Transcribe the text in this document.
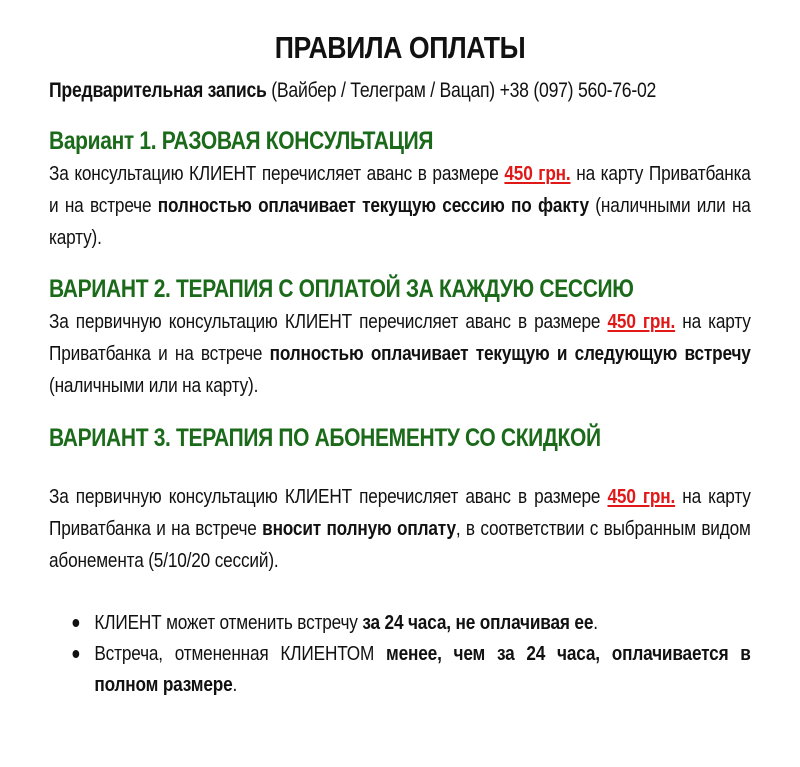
ПРАВИЛА ОПЛАТЫ
Предварительная запись (Вайбер / Телеграм / Вацап) +38 (097) 560-76-02
Вариант 1. РАЗОВАЯ КОНСУЛЬТАЦИЯ
За консультацию КЛИЕНТ перечисляет аванс в размере 450 грн. на карту Приватбанка и на встрече полностью оплачивает текущую сессию по факту (наличными или на карту).
ВАРИАНТ 2. ТЕРАПИЯ С ОПЛАТОЙ ЗА КАЖДУЮ СЕССИЮ
За первичную консультацию КЛИЕНТ перечисляет аванс в размере 450 грн. на карту Приватбанка и на встрече полностью оплачивает текущую и следующую встречу (наличными или на карту).
ВАРИАНТ 3. ТЕРАПИЯ ПО АБОНЕМЕНТУ СО СКИДКОЙ
За первичную консультацию КЛИЕНТ перечисляет аванс в размере 450 грн. на карту Приватбанка и на встрече вносит полную оплату, в соответствии с выбранным видом абонемента (5/10/20 сессий).
КЛИЕНТ может отменить встречу за 24 часа, не оплачивая ее.
Встреча, отмененная КЛИЕНТОМ менее, чем за 24 часа, оплачивается в полном размере.
